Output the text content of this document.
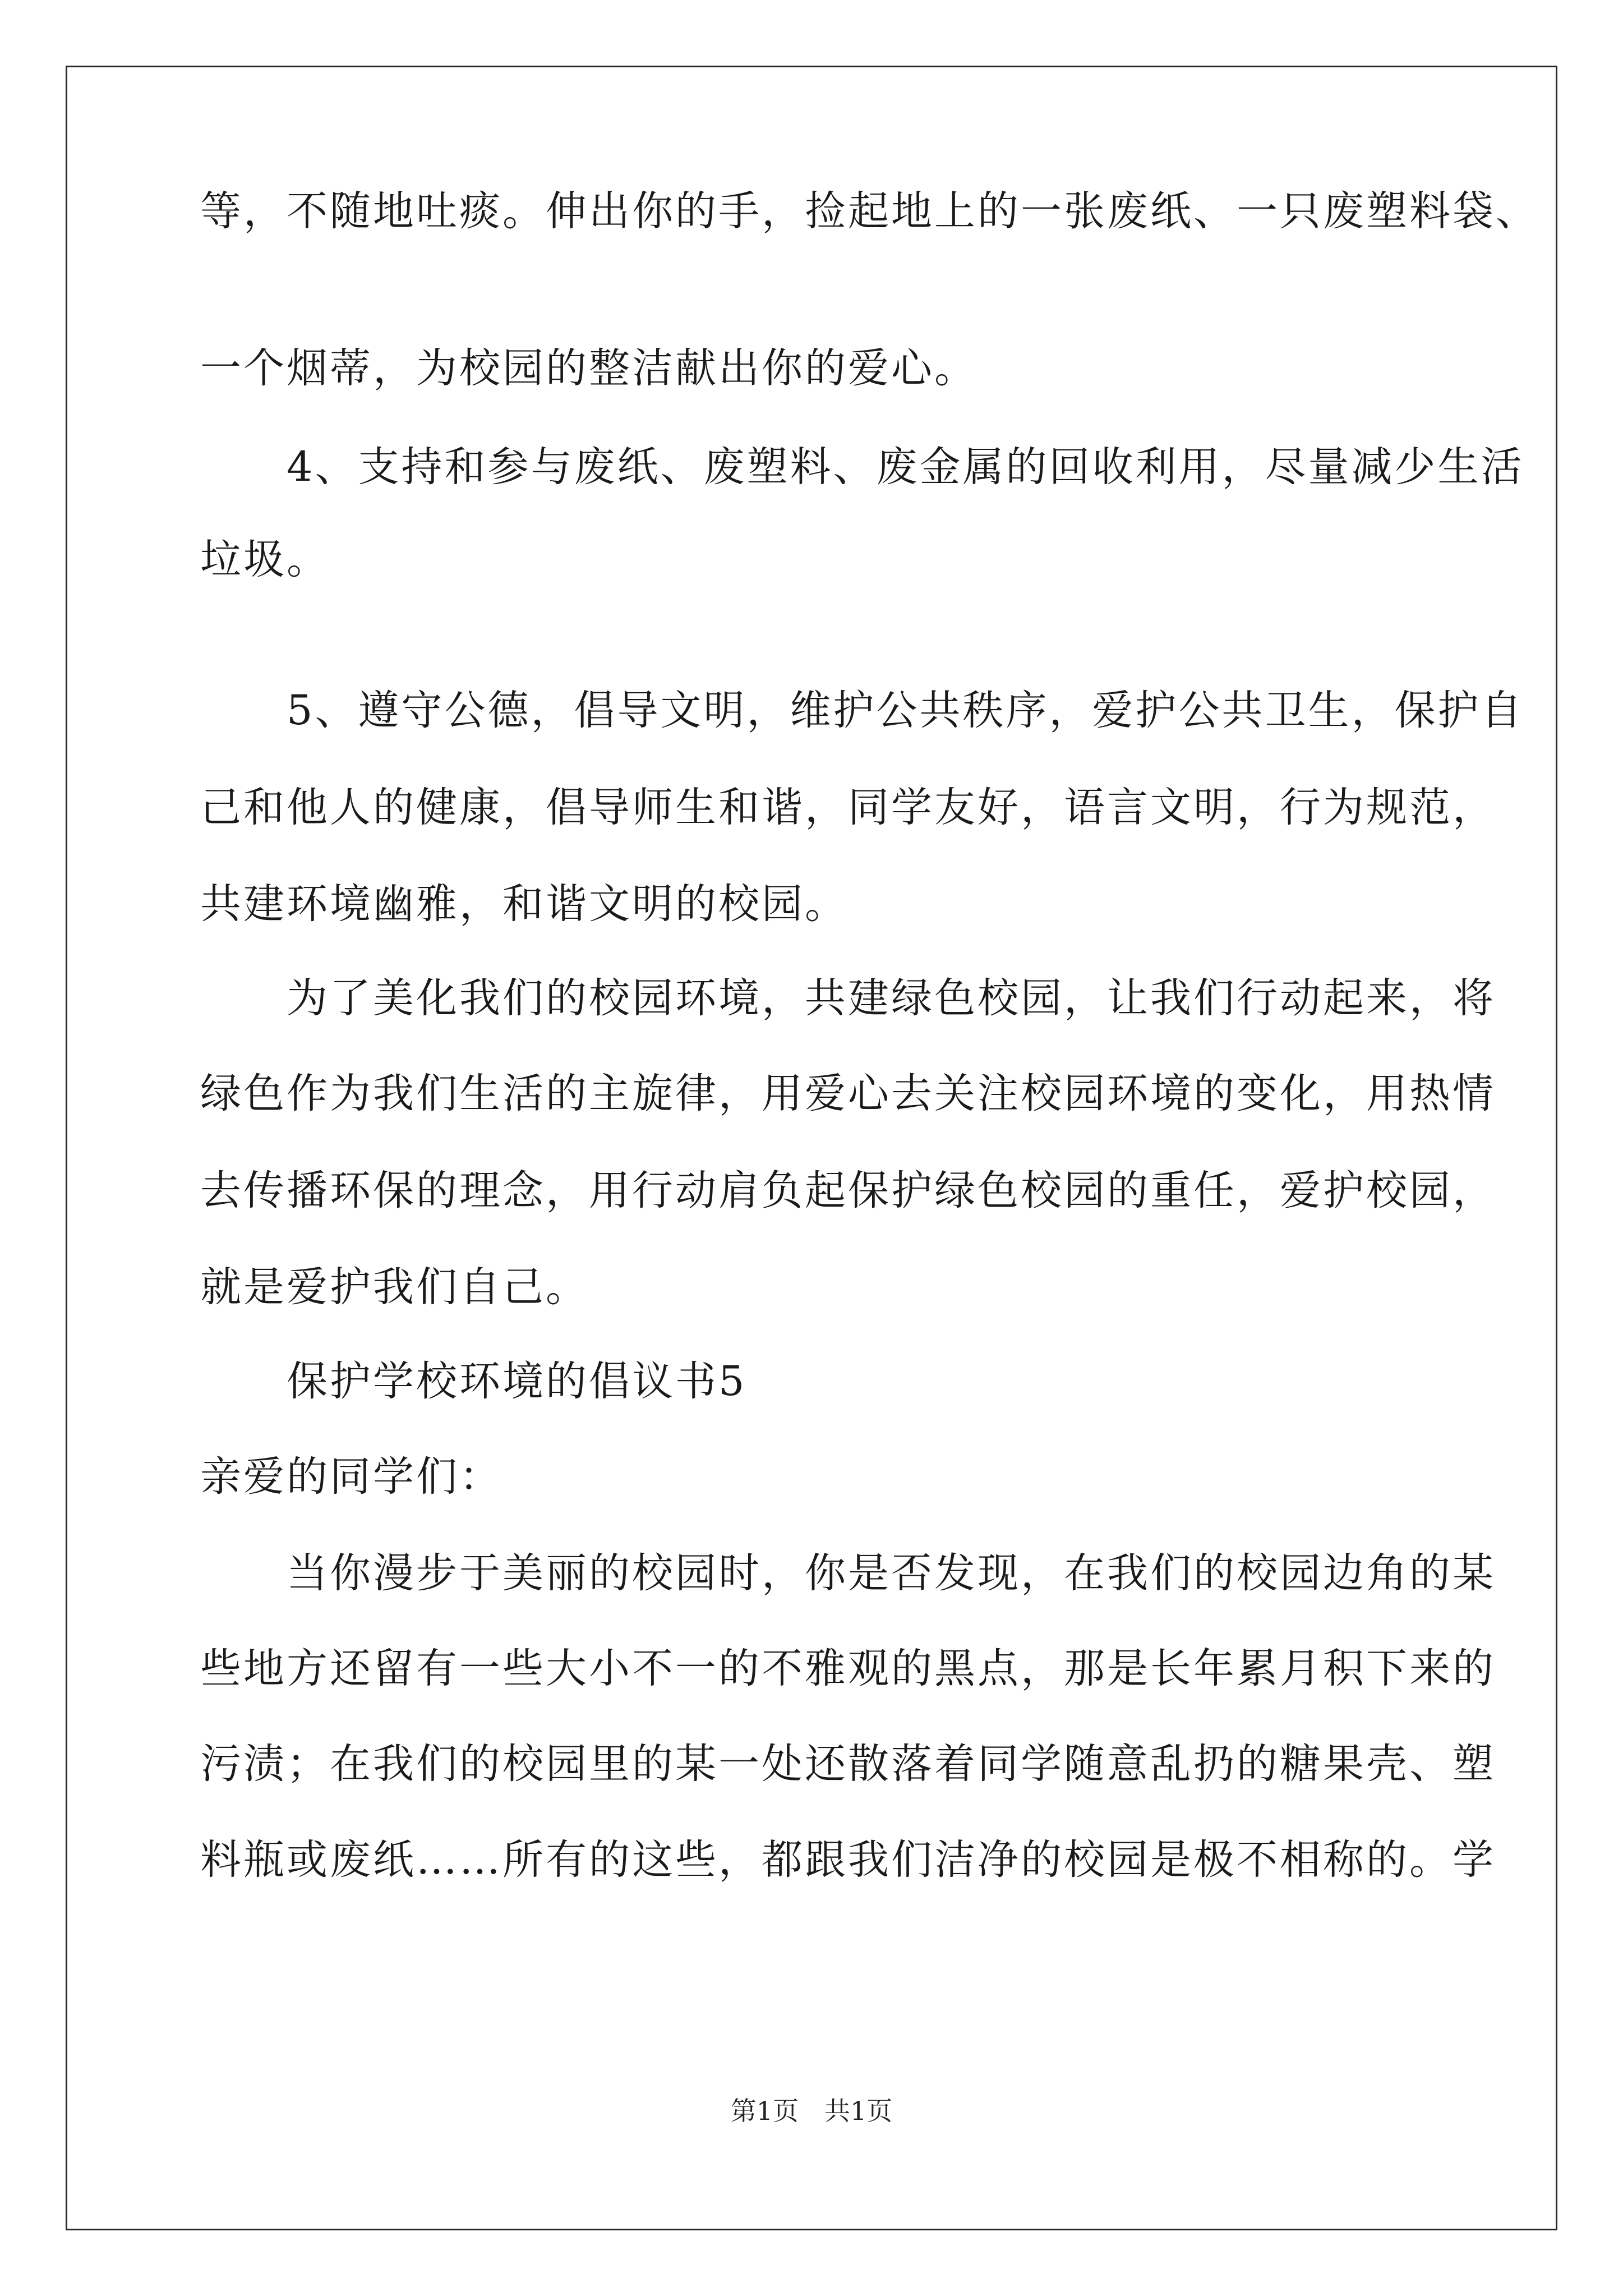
等，不随地吐痰。伸出你的手，捡起地上的一张废纸、一只废塑料袋、

一个烟蒂，为校园的整洁献出你的爱心。

　　4、支持和参与废纸、废塑料、废金属的回收利用，尽量减少生活

垃圾。

　　5、遵守公德，倡导文明，维护公共秩序，爱护公共卫生，保护自

己和他人的健康，倡导师生和谐，同学友好，语言文明，行为规范，

共建环境幽雅，和谐文明的校园。

　　为了美化我们的校园环境，共建绿色校园，让我们行动起来，将

绿色作为我们生活的主旋律，用爱心去关注校园环境的变化，用热情

去传播环保的理念，用行动肩负起保护绿色校园的重任，爱护校园，

就是爱护我们自己。

　　保护学校环境的倡议书5

亲爱的同学们：

　　当你漫步于美丽的校园时，你是否发现，在我们的校园边角的某

些地方还留有一些大小不一的不雅观的黑点，那是长年累月积下来的

污渍；在我们的校园里的某一处还散落着同学随意乱扔的糖果壳、塑

料瓶或废纸……所有的这些，都跟我们洁净的校园是极不相称的。学

第1页　共1页
